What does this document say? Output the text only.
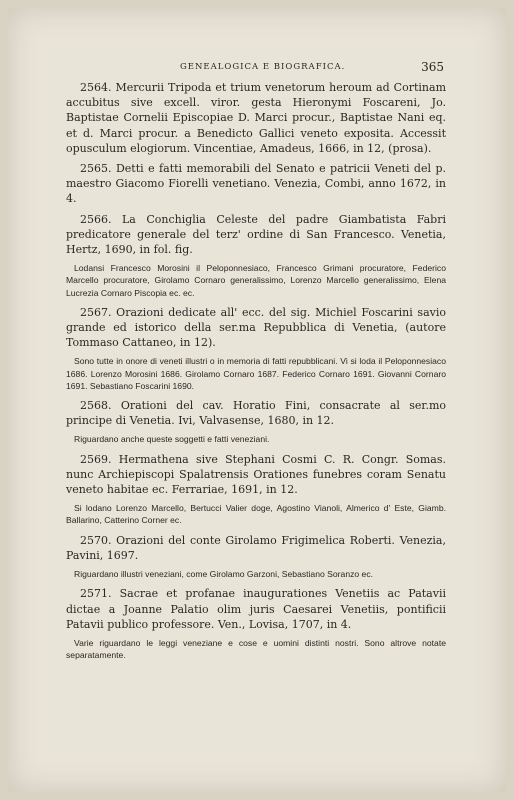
GENEALOGICA E BIOGRAFICA.	365

2564. Mercurii Tripoda et trium venetorum heroum ad Cortinam accubitus sive excell. viror. gesta Hieronymi Foscareni, Jo. Baptistae Cornelii Episcopiae D. Marci procur., Baptistae Nani eq. et d. Marci procur. a Benedicto Gallici veneto exposita. Accessit opusculum elogiorum. Vincentiae, Amadeus, 1666, in 12, (prosa).

2565. Detti e fatti memorabili del Senato e patricii Veneti del p. maestro Giacomo Fiorelli venetiano. Venezia, Combi, anno 1672, in 4.

2566. La Conchiglia Celeste del padre Giambatista Fabri predicatore generale del terz' ordine di San Francesco. Venetia, Hertz, 1690, in fol. fig.

Lodansi Francesco Morosini il Peloponnesiaco, Francesco Grimani procuratore, Federico Marcello procuratore, Girolamo Cornaro generalissimo, Lorenzo Marcello generalissimo, Elena Lucrezia Cornaro Piscopia ec. ec.

2567. Orazioni dedicate all' ecc. del sig. Michiel Foscarini savio grande ed istorico della ser.ma Repubblica di Venetia, (autore Tommaso Cattaneo, in 12).

Sono tutte in onore di veneti illustri o in memoria di fatti repubblicani. Vi si loda il Peloponnesiaco 1686. Lorenzo Morosini 1686. Girolamo Cornaro 1687. Federico Cornaro 1691. Giovanni Cornaro 1691. Sebastiano Foscarini 1690.

2568. Orationi del cav. Horatio Fini, consacrate al ser.mo principe di Venetia. Ivi, Valvasense, 1680, in 12.

Riguardano anche queste soggetti e fatti veneziani.

2569. Hermathena sive Stephani Cosmi C. R. Congr. Somas. nunc Archiepiscopi Spalatrensis Orationes funebres coram Senatu veneto habitae ec. Ferrariae, 1691, in 12.

Si lodano Lorenzo Marcello, Bertucci Valier doge, Agostino Vianoli, Almerico d' Este, Giamb. Ballarino, Catterino Corner ec.

2570. Orazioni del conte Girolamo Frigimelica Roberti. Venezia, Pavini, 1697.

Riguardano illustri veneziani, come Girolamo Garzoni, Sebastiano Soranzo ec.

2571. Sacrae et profanae inaugurationes Venetiis ac Patavii dictae a Joanne Palatio olim juris Caesarei Venetiis, pontificii Patavii publico professore. Ven., Lovisa, 1707, in 4.

Varie riguardano le leggi veneziane e cose e uomini distinti nostri. Sono altrove notate separatamente.
